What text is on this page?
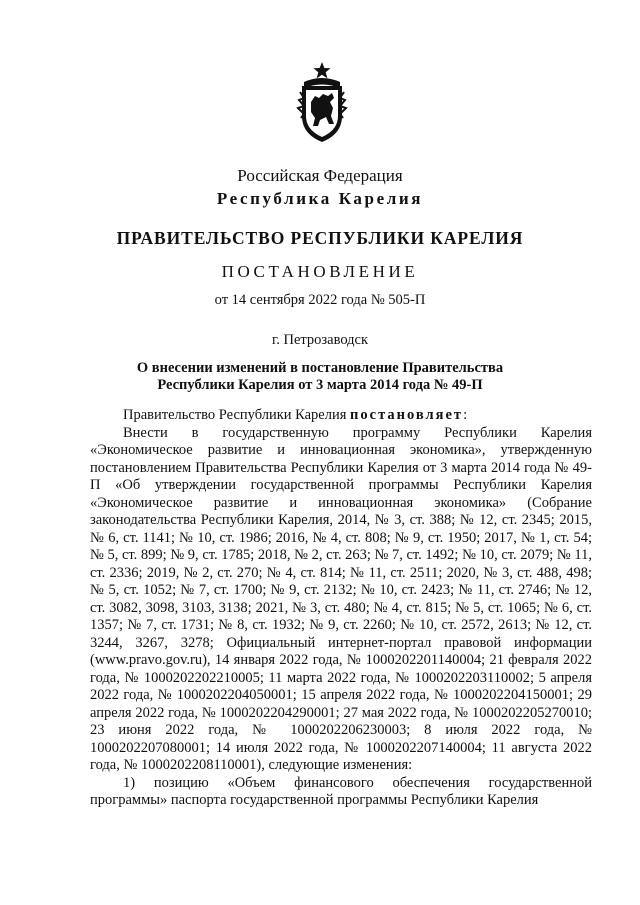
Российская Федерация
Республика Карелия
ПРАВИТЕЛЬСТВО РЕСПУБЛИКИ КАРЕЛИЯ
ПОСТАНОВЛЕНИЕ
от 14 сентября 2022 года № 505-П
г. Петрозаводск
О внесении изменений в постановление Правительства
Республики Карелия от 3 марта 2014 года № 49-П

Правительство Республики Карелия постановляет:

Внести в государственную программу Республики Карелия «Экономическое развитие и инновационная экономика», утвержденную постановлением Правительства Республики Карелия от 3 марта 2014 года № 49-П «Об утверждении государственной программы Республики Карелия «Экономическое развитие и инновационная экономика» (Собрание законодательства Республики Карелия, 2014, № 3, ст. 388; № 12, ст. 2345; 2015, № 6, ст. 1141; № 10, ст. 1986; 2016, № 4, ст. 808; № 9, ст. 1950; 2017, № 1, ст. 54; № 5, ст. 899; № 9, ст. 1785; 2018, № 2, ст. 263; № 7, ст. 1492; № 10, ст. 2079; № 11, ст. 2336; 2019, № 2, ст. 270; № 4, ст. 814; № 11, ст. 2511; 2020, № 3, ст. 488, 498; № 5, ст. 1052; № 7, ст. 1700; № 9, ст. 2132; № 10, ст. 2423; № 11, ст. 2746; № 12, ст. 3082, 3098, 3103, 3138; 2021, № 3, ст. 480; № 4, ст. 815; № 5, ст. 1065; № 6, ст. 1357; № 7, ст. 1731; № 8, ст. 1932; № 9, ст. 2260; № 10, ст. 2572, 2613; № 12, ст. 3244, 3267, 3278; Официальный интернет-портал правовой информации (www.pravo.gov.ru), 14 января 2022 года, № 1000202201140004; 21 февраля 2022 года, № 1000202202210005; 11 марта 2022 года, № 1000202203110002; 5 апреля 2022 года, № 1000202204050001; 15 апреля 2022 года, № 1000202204150001; 29 апреля 2022 года, № 1000202204290001; 27 мая 2022 года, № 1000202205270010; 23 июня 2022 года, № 1000202206230003; 8 июля 2022 года, № 1000202207080001; 14 июля 2022 года, № 1000202207140004; 11 августа 2022 года, № 1000202208110001), следующие изменения:

1) позицию «Объем финансового обеспечения государственной программы» паспорта государственной программы Республики Карелия
